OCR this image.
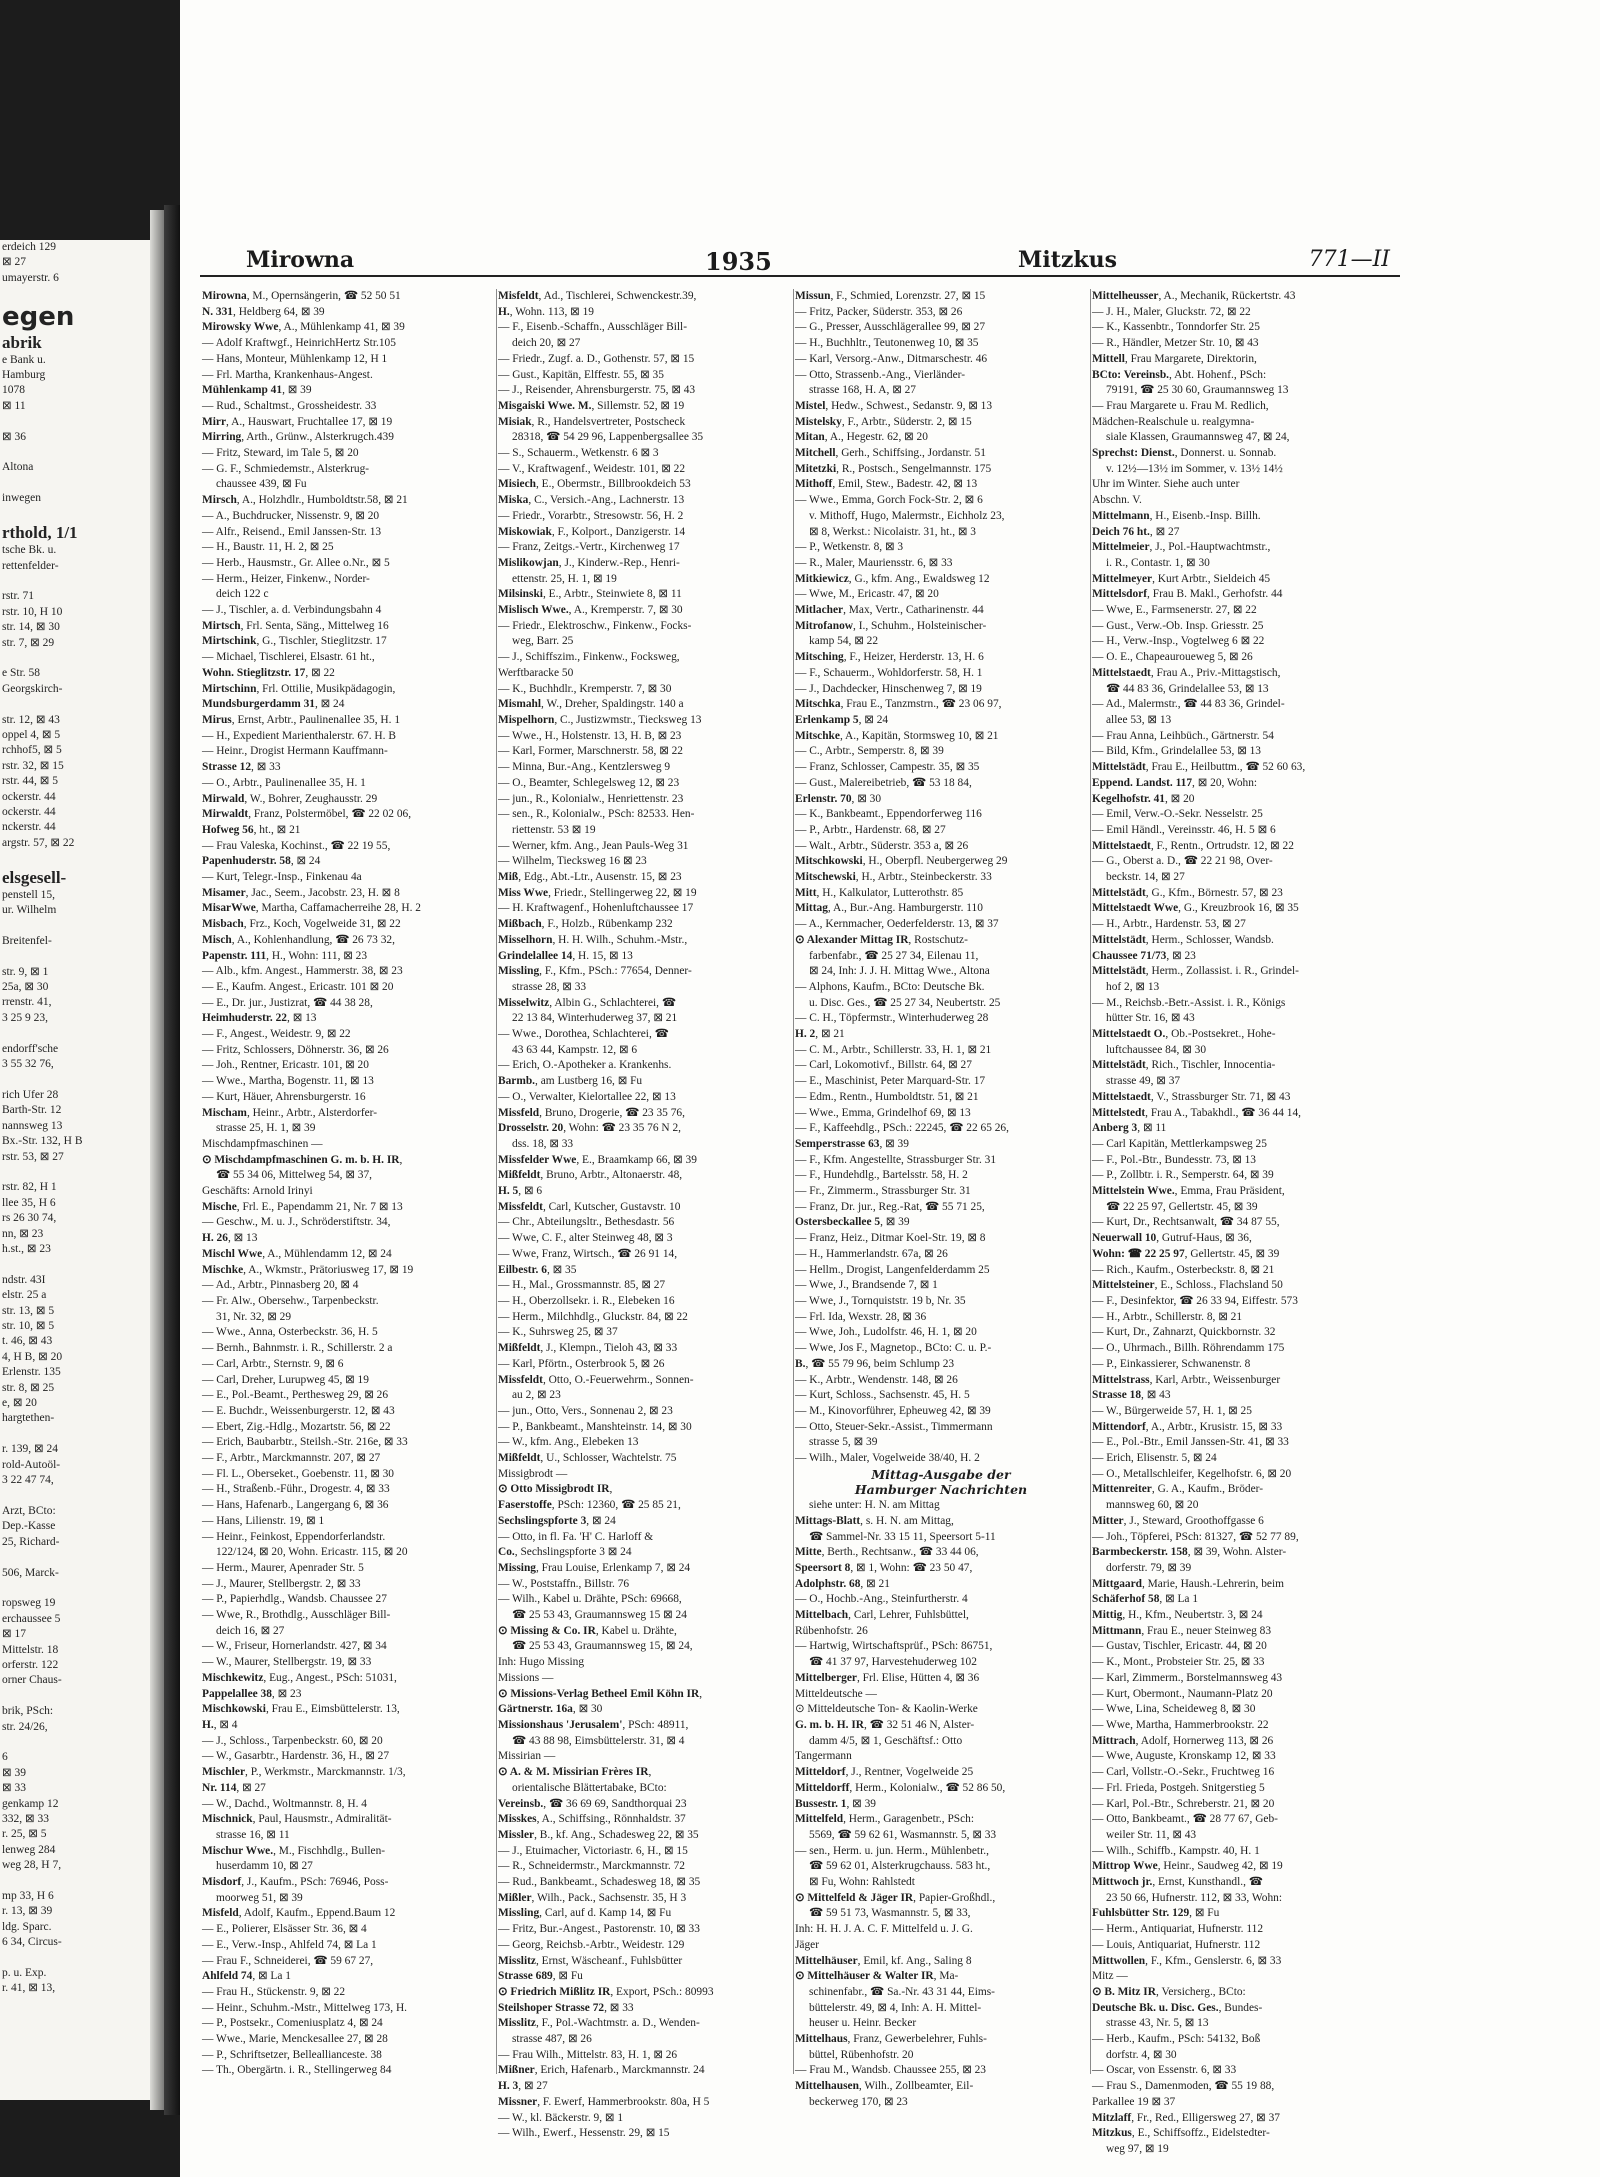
erdeich 129
⊠ 27
umayerstr. 6

egen
abrik
e Bank u.
Hamburg
1078
⊠ 11

⊠ 36

Altona

inwegen

rthold, 1/1
tsche Bk. u.
rettenfelder-

rstr. 71
rstr. 10, H 10
str. 14, ⊠ 30
str. 7, ⊠ 29

e Str. 58
Georgskirch-

str. 12, ⊠ 43
oppel 4, ⊠ 5
rchhof5, ⊠ 5
rstr. 32, ⊠ 15
rstr. 44, ⊠ 5
ockerstr. 44
ockerstr. 44
nckerstr. 44
argstr. 57, ⊠ 22

elsgesell-
penstell 15,
ur. Wilhelm

Breitenfel-

str. 9, ⊠ 1
25a, ⊠ 30
rrenstr. 41,
3 25 9 23,

endorff'sche
3 55 32 76,

rich Ufer 28
Barth-Str. 12
nannsweg 13
Bx.-Str. 132, H B
rstr. 53, ⊠ 27

rstr. 82, H 1
llee 35, H 6
rs 26 30 74,
nn, ⊠ 23
h.st., ⊠ 23

ndstr. 43I
elstr. 25 a
str. 13, ⊠ 5
str. 10, ⊠ 5
t. 46, ⊠ 43
4, H B, ⊠ 20
Erlenstr. 135
str. 8, ⊠ 25
e, ⊠ 20
hargtethen-

r. 139, ⊠ 24
rold-Autoöl-
3 22 47 74,

Arzt, BCto:
Dep.-Kasse
25, Richard-

506, Marck-

ropsweg 19
erchaussee 5
⊠ 17
Mittelstr. 18
orferstr. 122
orner Chaus-

brik, PSch:
str. 24/26,

6
⊠ 39
⊠ 33
genkamp 12
332, ⊠ 33
r. 25, ⊠ 5
lenweg 284
weg 28, H 7,

mp 33, H 6
r. 13, ⊠ 39
ldg. Sparc.
6 34, Circus-

p. u. Exp.
r. 41, ⊠ 13,
Mirowna	1935	Mitzkus	771—II
Mirowna, M., Opernsängerin, ☎ 52 50 51
N. 331, Heldberg 64, ⊠ 39
Mirowsky Wwe, A., Mühlenkamp 41, ⊠ 39
— Adolf Kraftwgf., HeinrichHertz Str.105
— Hans, Monteur, Mühlenkamp 12, H 1
— Frl. Martha, Krankenhaus-Angest.
Mühlenkamp 41, ⊠ 39
— Rud., Schaltmst., Grossheidestr. 33
Mirr, A., Hauswart, Fruchtallee 17, ⊠ 19
Mirring, Arth., Grünw., Alsterkrugch.439
— Fritz, Steward, im Tale 5, ⊠ 20
— G. F., Schmiedemstr., Alsterkrug-
chaussee 439, ⊠ Fu
Mirsch, A., Holzhdlr., Humboldtstr.58, ⊠ 21
— A., Buchdrucker, Nissenstr. 9, ⊠ 20
— Alfr., Reisend., Emil Janssen-Str. 13
— H., Baustr. 11, H. 2, ⊠ 25
— Herb., Hausmstr., Gr. Allee o.Nr., ⊠ 5
— Herm., Heizer, Finkenw., Norder-
deich 122 c
— J., Tischler, a. d. Verbindungsbahn 4
Mirtsch, Frl. Senta, Säng., Mittelweg 16
Mirtschink, G., Tischler, Stieglitzstr. 17
— Michael, Tischlerei, Elsastr. 61 ht.,
Wohn. Stieglitzstr. 17, ⊠ 22
Mirtschinn, Frl. Ottilie, Musikpädagogin,
Mundsburgerdamm 31, ⊠ 24
Mirus, Ernst, Arbtr., Paulinenallee 35, H. 1
— H., Expedient Marienthalerstr. 67. H. B
— Heinr., Drogist Hermann Kauffmann-
Strasse 12, ⊠ 33
— O., Arbtr., Paulinenallee 35, H. 1
Mirwald, W., Bohrer, Zeughausstr. 29
Mirwaldt, Franz, Polstermöbel, ☎ 22 02 06,
Hofweg 56, ht., ⊠ 21
— Frau Valeska, Kochinst., ☎ 22 19 55,
Papenhuderstr. 58, ⊠ 24
— Kurt, Telegr.-Insp., Finkenau 4a
Misamer, Jac., Seem., Jacobstr. 23, H. ⊠ 8
MisarWwe, Martha, Caffamacherreihe 28, H. 2
Misbach, Frz., Koch, Vogelweide 31, ⊠ 22
Misch, A., Kohlenhandlung, ☎ 26 73 32,
Papenstr. 111, H., Wohn: 111, ⊠ 23
— Alb., kfm. Angest., Hammerstr. 38, ⊠ 23
— E., Kaufm. Angest., Ericastr. 101 ⊠ 20
— E., Dr. jur., Justizrat, ☎ 44 38 28,
Heimhuderstr. 22, ⊠ 13
— F., Angest., Weidestr. 9, ⊠ 22
— Fritz, Schlossers, Döhnerstr. 36, ⊠ 26
— Joh., Rentner, Ericastr. 101, ⊠ 20
— Wwe., Martha, Bogenstr. 11, ⊠ 13
— Kurt, Häuer, Ahrensburgerstr. 16
Mischam, Heinr., Arbtr., Alsterdorfer-
strasse 25, H. 1, ⊠ 39
Mischdampfmaschinen —
⊙ Mischdampfmaschinen G. m. b. H. IR,
☎ 55 34 06, Mittelweg 54, ⊠ 37,
Geschäfts: Arnold Irinyi
Mische, Frl. E., Papendamm 21, Nr. 7 ⊠ 13
— Geschw., M. u. J., Schröderstiftstr. 34,
H. 26, ⊠ 13
Mischl Wwe, A., Mühlendamm 12, ⊠ 24
Mischke, A., Wkmstr., Prätoriusweg 17, ⊠ 19
— Ad., Arbtr., Pinnasberg 20, ⊠ 4
— Fr. Alw., Obersehw., Tarpenbeckstr.
31, Nr. 32, ⊠ 29
— Wwe., Anna, Osterbeckstr. 36, H. 5
— Bernh., Bahnmstr. i. R., Schillerstr. 2 a
— Carl, Arbtr., Sternstr. 9, ⊠ 6
— Carl, Dreher, Lurupweg 45, ⊠ 19
— E., Pol.-Beamt., Perthesweg 29, ⊠ 26
— E. Buchdr., Weissenburgerstr. 12, ⊠ 43
— Ebert, Zig.-Hdlg., Mozartstr. 56, ⊠ 22
— Erich, Baubarbtr., Steilsh.-Str. 216e, ⊠ 33
— F., Arbtr., Marckmannstr. 207, ⊠ 27
— Fl. L., Oberseket., Goebenstr. 11, ⊠ 30
— H., Straßenb.-Führ., Drogestr. 4, ⊠ 33
— Hans, Hafenarb., Langergang 6, ⊠ 36
— Hans, Lilienstr. 19, ⊠ 1
— Heinr., Feinkost, Eppendorferlandstr.
122/124, ⊠ 20, Wohn. Ericastr. 115, ⊠ 20
— Herm., Maurer, Apenrader Str. 5
— J., Maurer, Stellbergstr. 2, ⊠ 33
— P., Papierhdlg., Wandsb. Chaussee 27
— Wwe, R., Brothdlg., Ausschläger Bill-
deich 16, ⊠ 27
— W., Friseur, Hornerlandstr. 427, ⊠ 34
— W., Maurer, Stellbergstr. 19, ⊠ 33
Mischkewitz, Eug., Angest., PSch: 51031,
Pappelallee 38, ⊠ 23
Mischkowski, Frau E., Eimsbüttelerstr. 13,
H., ⊠ 4
— J., Schloss., Tarpenbeckstr. 60, ⊠ 20
— W., Gasarbtr., Hardenstr. 36, H., ⊠ 27
Mischler, P., Werkmstr., Marckmannstr. 1/3,
Nr. 114, ⊠ 27
— W., Dachd., Woltmannstr. 8, H. 4
Mischnick, Paul, Hausmstr., Admiralität-
strasse 16, ⊠ 11
Mischur Wwe., M., Fischhdlg., Bullen-
huserdamm 10, ⊠ 27
Misdorf, J., Kaufm., PSch: 76946, Poss-
moorweg 51, ⊠ 39
Misfeld, Adolf, Kaufm., Eppend.Baum 12
— E., Polierer, Elsässer Str. 36, ⊠ 4
— E., Verw.-Insp., Ahlfeld 74, ⊠ La 1
— Frau F., Schneiderei, ☎ 59 67 27,
Ahlfeld 74, ⊠ La 1
— Frau H., Stückenstr. 9, ⊠ 22
— Heinr., Schuhm.-Mstr., Mittelweg 173, H.
— P., Postsekr., Comeniusplatz 4, ⊠ 24
— Wwe., Marie, Menckesallee 27, ⊠ 28
— P., Schriftsetzer, Belleallianceste. 38
— Th., Obergärtn. i. R., Stellingerweg 84
Misfeldt, Ad., Tischlerei, Schwenckestr.39,
H., Wohn. 113, ⊠ 19
— F., Eisenb.-Schaffn., Ausschläger Bill-
deich 20, ⊠ 27
— Friedr., Zugf. a. D., Gothenstr. 57, ⊠ 15
— Gust., Kapitän, Elffestr. 55, ⊠ 35
— J., Reisender, Ahrensburgerstr. 75, ⊠ 43
Misgaiski Wwe. M., Sillemstr. 52, ⊠ 19
Misiak, R., Handelsvertreter, Postscheck
28318, ☎ 54 29 96, Lappenbergsallee 35
— S., Schauerm., Wetkenstr. 6 ⊠ 3
— V., Kraftwagenf., Weidestr. 101, ⊠ 22
Misiech, E., Obermstr., Billbrookdeich 53
Miska, C., Versich.-Ang., Lachnerstr. 13
— Friedr., Vorarbtr., Stresowstr. 56, H. 2
Miskowiak, F., Kolport., Danzigerstr. 14
— Franz, Zeitgs.-Vertr., Kirchenweg 17
Mislikowjan, J., Kinderw.-Rep., Henri-
ettenstr. 25, H. 1, ⊠ 19
Milsinski, E., Arbtr., Steinwiete 8, ⊠ 11
Mislisch Wwe., A., Kremperstr. 7, ⊠ 30
— Friedr., Elektroschw., Finkenw., Focks-
weg, Barr. 25
— J., Schiffszim., Finkenw., Focksweg,
Werftbaracke 50
— K., Buchhdlr., Kremperstr. 7, ⊠ 30
Mismahl, W., Dreher, Spaldingstr. 140 a
Mispelhorn, C., Justizwmstr., Tiecksweg 13
— Wwe., H., Holstenstr. 13, H. B, ⊠ 23
— Karl, Former, Marschnerstr. 58, ⊠ 22
— Minna, Bur.-Ang., Kentzlersweg 9
— O., Beamter, Schlegelsweg 12, ⊠ 23
— jun., R., Kolonialw., Henriettenstr. 23
— sen., R., Kolonialw., PSch: 82533. Hen-
riettenstr. 53 ⊠ 19
— Werner, kfm. Ang., Jean Pauls-Weg 31
— Wilhelm, Tiecksweg 16 ⊠ 23
Miß, Edg., Abt.-Ltr., Ausenstr. 15, ⊠ 23
Miss Wwe, Friedr., Stellingerweg 22, ⊠ 19
— H. Kraftwagenf., Hohenluftchaussee 17
Mißbach, F., Holzb., Rübenkamp 232
Misselhorn, H. H. Wilh., Schuhm.-Mstr.,
Grindelallee 14, H. 15, ⊠ 13
Missling, F., Kfm., PSch.: 77654, Denner-
strasse 28, ⊠ 33
Misselwitz, Albin G., Schlachterei, ☎
22 13 84, Winterhuderweg 37, ⊠ 21
— Wwe., Dorothea, Schlachterei, ☎
43 63 44, Kampstr. 12, ⊠ 6
— Erich, O.-Apotheker a. Krankenhs.
Barmb., am Lustberg 16, ⊠ Fu
— O., Verwalter, Kielortallee 22, ⊠ 13
Missfeld, Bruno, Drogerie, ☎ 23 35 76,
Drosselstr. 20, Wohn: ☎ 23 35 76 N 2,
dss. 18, ⊠ 33
Missfelder Wwe, E., Braamkamp 66, ⊠ 39
Mißfeldt, Bruno, Arbtr., Altonaerstr. 48,
H. 5, ⊠ 6
Missfeldt, Carl, Kutscher, Gustavstr. 10
— Chr., Abteilungsltr., Bethesdastr. 56
— Wwe, C. F., alter Steinweg 48, ⊠ 3
— Wwe, Franz, Wirtsch., ☎ 26 91 14,
Eilbestr. 6, ⊠ 35
— H., Mal., Grossmannstr. 85, ⊠ 27
— H., Oberzollsekr. i. R., Elebeken 16
— Herm., Milchhdlg., Gluckstr. 84, ⊠ 22
— K., Suhrsweg 25, ⊠ 37
Mißfeldt, J., Klempn., Tieloh 43, ⊠ 33
— Karl, Pförtn., Osterbrook 5, ⊠ 26
Missfeldt, Otto, O.-Feuerwehrm., Sonnen-
au 2, ⊠ 23
— jun., Otto, Vers., Sonnenau 2, ⊠ 23
— P., Bankbeamt., Manshteinstr. 14, ⊠ 30
— W., kfm. Ang., Elebeken 13
Mißfeldt, U., Schlosser, Wachtelstr. 75
Missigbrodt —
⊙ Otto Missigbrodt IR,
Faserstoffe, PSch: 12360, ☎ 25 85 21,
Sechslingspforte 3, ⊠ 24
— Otto, in fl. Fa. 'H' C. Harloff &
Co., Sechslingspforte 3 ⊠ 24
Missing, Frau Louise, Erlenkamp 7, ⊠ 24
— W., Poststaffn., Billstr. 76
— Wilh., Kabel u. Drähte, PSch: 69668,
☎ 25 53 43, Graumannsweg 15 ⊠ 24
⊙ Missing & Co. IR, Kabel u. Drähte,
☎ 25 53 43, Graumannsweg 15, ⊠ 24,
Inh: Hugo Missing
Missions —
⊙ Missions-Verlag Betheel Emil Köhn IR,
Gärtnerstr. 16a, ⊠ 30
Missionshaus 'Jerusalem', PSch: 48911,
☎ 43 88 98, Eimsbüttelerstr. 31, ⊠ 4
Missirian —
⊙ A. & M. Missirian Frères IR,
orientalische Blättertabake, BCto:
Vereinsb., ☎ 36 69 69, Sandthorquai 23
Misskes, A., Schiffsing., Rönnhaldstr. 37
Missler, B., kf. Ang., Schadesweg 22, ⊠ 35
— J., Etuimacher, Victoriastr. 6, H., ⊠ 15
— R., Schneidermstr., Marckmannstr. 72
— Rud., Bankbeamt., Schadesweg 18, ⊠ 35
Mißler, Wilh., Pack., Sachsenstr. 35, H 3
Missling, Carl, auf d. Kamp 14, ⊠ Fu
— Fritz, Bur.-Angest., Pastorenstr. 10, ⊠ 33
— Georg, Reichsb.-Arbtr., Weidestr. 129
Misslitz, Ernst, Wäscheanf., Fuhlsbütter
Strasse 689, ⊠ Fu
⊙ Friedrich Mißlitz IR, Export, PSch.: 80993
Steilshoper Strasse 72, ⊠ 33
Misslitz, F., Pol.-Wachtmstr. a. D., Wenden-
strasse 487, ⊠ 26
— Frau Wilh., Mittelstr. 83, H. 1, ⊠ 26
Mißner, Erich, Hafenarb., Marckmannstr. 24
H. 3, ⊠ 27
Missner, F. Ewerf, Hammerbrookstr. 80a, H 5
— W., kl. Bäckerstr. 9, ⊠ 1
— Wilh., Ewerf., Hessenstr. 29, ⊠ 15
Missun, F., Schmied, Lorenzstr. 27, ⊠ 15
— Fritz, Packer, Süderstr. 353, ⊠ 26
— G., Presser, Ausschlägerallee 99, ⊠ 27
— H., Buchhltr., Teutonenweg 10, ⊠ 35
— Karl, Versorg.-Anw., Ditmarschestr. 46
— Otto, Strassenb.-Ang., Vierländer-
strasse 168, H. A, ⊠ 27
Mistel, Hedw., Schwest., Sedanstr. 9, ⊠ 13
Mistelsky, F., Arbtr., Süderstr. 2, ⊠ 15
Mitan, A., Hegestr. 62, ⊠ 20
Mitchell, Gerh., Schiffsing., Jordanstr. 51
Mitetzki, R., Postsch., Sengelmannstr. 175
Mithoff, Emil, Stew., Badestr. 42, ⊠ 13
— Wwe., Emma, Gorch Fock-Str. 2, ⊠ 6
v. Mithoff, Hugo, Malermstr., Eichholz 23,
⊠ 8, Werkst.: Nicolaistr. 31, ht., ⊠ 3
— P., Wetkenstr. 8, ⊠ 3
— R., Maler, Mauriensstr. 6, ⊠ 33
Mitkiewicz, G., kfm. Ang., Ewaldsweg 12
— Wwe, M., Ericastr. 47, ⊠ 20
Mitlacher, Max, Vertr., Catharinenstr. 44
Mitrofanow, I., Schuhm., Holsteinischer-
kamp 54, ⊠ 22
Mitsching, F., Heizer, Herderstr. 13, H. 6
— F., Schauerm., Wohldorferstr. 58, H. 1
— J., Dachdecker, Hinschenweg 7, ⊠ 19
Mitschka, Frau E., Tanzmstrn., ☎ 23 06 97,
Erlenkamp 5, ⊠ 24
Mitschke, A., Kapitän, Stormsweg 10, ⊠ 21
— C., Arbtr., Semperstr. 8, ⊠ 39
— Franz, Schlosser, Campestr. 35, ⊠ 35
— Gust., Malereibetrieb, ☎ 53 18 84,
Erlenstr. 70, ⊠ 30
— K., Bankbeamt., Eppendorferweg 116
— P., Arbtr., Hardenstr. 68, ⊠ 27
— Walt., Arbtr., Süderstr. 353 a, ⊠ 26
Mitschkowski, H., Oberpfl. Neubergerweg 29
Mitschewski, H., Arbtr., Steinbeckerstr. 33
Mitt, H., Kalkulator, Lutterothstr. 85
Mittag, A., Bur.-Ang. Hamburgerstr. 110
— A., Kernmacher, Oederfelderstr. 13, ⊠ 37
⊙ Alexander Mittag IR, Rostschutz-
farbenfabr., ☎ 25 27 34, Eilenau 11,
⊠ 24, Inh: J. J. H. Mittag Wwe., Altona
— Alphons, Kaufm., BCto: Deutsche Bk.
u. Disc. Ges., ☎ 25 27 34, Neubertstr. 25
— C. H., Töpfermstr., Winterhuderweg 28
H. 2, ⊠ 21
— C. M., Arbtr., Schillerstr. 33, H. 1, ⊠ 21
— Carl, Lokomotivf., Billstr. 64, ⊠ 27
— E., Maschinist, Peter Marquard-Str. 17
— Edm., Rentn., Humboldtstr. 51, ⊠ 21
— Wwe., Emma, Grindelhof 69, ⊠ 13
— F., Kaffeehdlg., PSch.: 22245, ☎ 22 65 26,
Semperstrasse 63, ⊠ 39
— F., Kfm. Angestellte, Strassburger Str. 31
— F., Hundehdlg., Bartelsstr. 58, H. 2
— Fr., Zimmerm., Strassburger Str. 31
— Franz, Dr. jur., Reg.-Rat, ☎ 55 71 25,
Ostersbeckallee 5, ⊠ 39
— Franz, Heiz., Ditmar Koel-Str. 19, ⊠ 8
— H., Hammerlandstr. 67a, ⊠ 26
— Hellm., Drogist, Langenfelderdamm 25
— Wwe, J., Brandsende 7, ⊠ 1
— Wwe, J., Tornquiststr. 19 b, Nr. 35
— Frl. Ida, Wexstr. 28, ⊠ 36
— Wwe, Joh., Ludolfstr. 46, H. 1, ⊠ 20
— Wwe, Jos F., Magnetop., BCto: C. u. P.-
B., ☎ 55 79 96, beim Schlump 23
— K., Arbtr., Wendenstr. 148, ⊠ 26
— Kurt, Schloss., Sachsenstr. 45, H. 5
— M., Kinovorführer, Epheuweg 42, ⊠ 39
— Otto, Steuer-Sekr.-Assist., Timmermann
strasse 5, ⊠ 39
— Wilh., Maler, Vogelweide 38/40, H. 2
Mittag-Ausgabe der
Hamburger Nachrichten
siehe unter: H. N. am Mittag
Mittags-Blatt, s. H. N. am Mittag,
☎ Sammel-Nr. 33 15 11, Speersort 5-11
Mitte, Berth., Rechtsanw., ☎ 33 44 06,
Speersort 8, ⊠ 1, Wohn: ☎ 23 50 47,
Adolphstr. 68, ⊠ 21
— O., Hochb.-Ang., Steinfurtherstr. 4
Mittelbach, Carl, Lehrer, Fuhlsbüttel,
Rübenhofstr. 26
— Hartwig, Wirtschaftsprüf., PSch: 86751,
☎ 41 37 97, Harvestehuderweg 102
Mittelberger, Frl. Elise, Hütten 4, ⊠ 36
Mitteldeutsche —
⊙ Mitteldeutsche Ton- & Kaolin-Werke
G. m. b. H. IR, ☎ 32 51 46 N, Alster-
damm 4/5, ⊠ 1, Geschäftsf.: Otto
Tangermann
Mitteldorf, J., Rentner, Vogelweide 25
Mitteldorff, Herm., Kolonialw., ☎ 52 86 50,
Bussestr. 1, ⊠ 39
Mittelfeld, Herm., Garagenbetr., PSch:
5569, ☎ 59 62 61, Wasmannstr. 5, ⊠ 33
— sen., Herm. u. jun. Herm., Mühlenbetr.,
☎ 59 62 01, Alsterkrugchauss. 583 ht.,
⊠ Fu, Wohn: Rahlstedt
⊙ Mittelfeld & Jäger IR, Papier-Großhdl.,
☎ 59 51 73, Wasmannstr. 5, ⊠ 33,
Inh: H. H. J. A. C. F. Mittelfeld u. J. G.
Jäger
Mittelhäuser, Emil, kf. Ang., Saling 8
⊙ Mittelhäuser & Walter IR, Ma-
schinenfabr., ☎ Sa.-Nr. 43 31 44, Eims-
büttelerstr. 49, ⊠ 4, Inh: A. H. Mittel-
heuser u. Heinr. Becker
Mittelhaus, Franz, Gewerbelehrer, Fuhls-
büttel, Rübenhofstr. 20
— Frau M., Wandsb. Chaussee 255, ⊠ 23
Mittelhausen, Wilh., Zollbeamter, Eil-
beckerweg 170, ⊠ 23
Mittelheusser, A., Mechanik, Rückertstr. 43
— J. H., Maler, Gluckstr. 72, ⊠ 22
— K., Kassenbtr., Tonndorfer Str. 25
— R., Händler, Metzer Str. 10, ⊠ 43
Mittell, Frau Margarete, Direktorin,
BCto: Vereinsb., Abt. Hohenf., PSch:
79191, ☎ 25 30 60, Graumannsweg 13
— Frau Margarete u. Frau M. Redlich,
Mädchen-Realschule u. realgymna-
siale Klassen, Graumannsweg 47, ⊠ 24,
Sprechst: Dienst., Donnerst. u. Sonnab.
v. 12½—13½ im Sommer, v. 13½ 14½
Uhr im Winter. Siehe auch unter
Abschn. V.
Mittelmann, H., Eisenb.-Insp. Billh.
Deich 76 ht., ⊠ 27
Mittelmeier, J., Pol.-Hauptwachtmstr.,
i. R., Contastr. 1, ⊠ 30
Mittelmeyer, Kurt Arbtr., Sieldeich 45
Mittelsdorf, Frau B. Makl., Gerhofstr. 44
— Wwe, E., Farmsenerstr. 27, ⊠ 22
— Gust., Verw.-Ob. Insp. Griesstr. 25
— H., Verw.-Insp., Vogtelweg 6 ⊠ 22
— O. E., Chapeauroueweg 5, ⊠ 26
Mittelstaedt, Frau A., Priv.-Mittagstisch,
☎ 44 83 36, Grindelallee 53, ⊠ 13
— Ad., Malermstr., ☎ 44 83 36, Grindel-
allee 53, ⊠ 13
— Frau Anna, Leihbüch., Gärtnerstr. 54
— Bild, Kfm., Grindelallee 53, ⊠ 13
Mittelstädt, Frau E., Heilbuttm., ☎ 52 60 63,
Eppend. Landst. 117, ⊠ 20, Wohn:
Kegelhofstr. 41, ⊠ 20
— Emil, Verw.-O.-Sekr. Nesselstr. 25
— Emil Händl., Vereinsstr. 46, H. 5 ⊠ 6
Mittelstaedt, F., Rentn., Ortrudstr. 12, ⊠ 22
— G., Oberst a. D., ☎ 22 21 98, Over-
beckstr. 14, ⊠ 27
Mittelstädt, G., Kfm., Börnestr. 57, ⊠ 23
Mittelstaedt Wwe, G., Kreuzbrook 16, ⊠ 35
— H., Arbtr., Hardenstr. 53, ⊠ 27
Mittelstädt, Herm., Schlosser, Wandsb.
Chaussee 71/73, ⊠ 23
Mittelstädt, Herm., Zollassist. i. R., Grindel-
hof 2, ⊠ 13
— M., Reichsb.-Betr.-Assist. i. R., Königs
hütter Str. 16, ⊠ 43
Mittelstaedt O., Ob.-Postsekret., Hohe-
luftchaussee 84, ⊠ 30
Mittelstädt, Rich., Tischler, Innocentia-
strasse 49, ⊠ 37
Mittelstaedt, V., Strassburger Str. 71, ⊠ 43
Mittelstedt, Frau A., Tabakhdl., ☎ 36 44 14,
Anberg 3, ⊠ 11
— Carl Kapitän, Mettlerkampsweg 25
— F., Pol.-Btr., Bundesstr. 73, ⊠ 13
— P., Zollbtr. i. R., Semperstr. 64, ⊠ 39
Mittelstein Wwe., Emma, Frau Präsident,
☎ 22 25 97, Gellertstr. 45, ⊠ 39
— Kurt, Dr., Rechtsanwalt, ☎ 34 87 55,
Neuerwall 10, Gutruf-Haus, ⊠ 36,
Wohn: ☎ 22 25 97, Gellertstr. 45, ⊠ 39
— Rich., Kaufm., Osterbeckstr. 8, ⊠ 21
Mittelsteiner, E., Schloss., Flachsland 50
— F., Desinfektor, ☎ 26 33 94, Eiffestr. 573
— H., Arbtr., Schillerstr. 8, ⊠ 21
— Kurt, Dr., Zahnarzt, Quickbornstr. 32
— O., Uhrmach., Billh. Röhrendamm 175
— P., Einkassierer, Schwanenstr. 8
Mittelstrass, Karl, Arbtr., Weissenburger
Strasse 18, ⊠ 43
— W., Bürgerweide 57, H. 1, ⊠ 25
Mittendorf, A., Arbtr., Krusistr. 15, ⊠ 33
— E., Pol.-Btr., Emil Janssen-Str. 41, ⊠ 33
— Erich, Elisenstr. 5, ⊠ 24
— O., Metallschleifer, Kegelhofstr. 6, ⊠ 20
Mittenreiter, G. A., Kaufm., Bröder-
mannsweg 60, ⊠ 20
Mitter, J., Steward, Groothoffgasse 6
— Joh., Töpferei, PSch: 81327, ☎ 52 77 89,
Barmbeckerstr. 158, ⊠ 39, Wohn. Alster-
dorferstr. 79, ⊠ 39
Mittgaard, Marie, Haush.-Lehrerin, beim
Schäferhof 58, ⊠ La 1
Mittig, H., Kfm., Neubertstr. 3, ⊠ 24
Mittmann, Frau E., neuer Steinweg 83
— Gustav, Tischler, Ericastr. 44, ⊠ 20
— K., Mont., Probsteier Str. 25, ⊠ 33
— Karl, Zimmerm., Borstelmannsweg 43
— Kurt, Obermont., Naumann-Platz 20
— Wwe, Lina, Scheideweg 8, ⊠ 30
— Wwe, Martha, Hammerbrookstr. 22
Mittrach, Adolf, Hornerweg 113, ⊠ 26
— Wwe, Auguste, Kronskamp 12, ⊠ 33
— Carl, Vollstr.-O.-Sekr., Fruchtweg 16
— Frl. Frieda, Postgeh. Snitgerstieg 5
— Karl, Pol.-Btr., Schreberstr. 21, ⊠ 20
— Otto, Bankbeamt., ☎ 28 77 67, Geb-
weiler Str. 11, ⊠ 43
— Wilh., Schiffb., Kampstr. 40, H. 1
Mittrop Wwe, Heinr., Saudweg 42, ⊠ 19
Mittwoch jr., Ernst, Kunsthandl., ☎
23 50 66, Hufnerstr. 112, ⊠ 33, Wohn:
Fuhlsbütter Str. 129, ⊠ Fu
— Herm., Antiquariat, Hufnerstr. 112
— Louis, Antiquariat, Hufnerstr. 112
Mittwollen, F., Kfm., Genslerstr. 6, ⊠ 33
Mitz —
⊙ B. Mitz IR, Versicherg., BCto:
Deutsche Bk. u. Disc. Ges., Bundes-
strasse 43, Nr. 5, ⊠ 13
— Herb., Kaufm., PSch: 54132, Boß
dorfstr. 4, ⊠ 30
— Oscar, von Essenstr. 6, ⊠ 33
— Frau S., Damenmoden, ☎ 55 19 88,
Parkallee 19 ⊠ 37
Mitzlaff, Fr., Red., Elligersweg 27, ⊠ 37
Mitzkus, E., Schiffsoffz., Eidelstedter-
weg 97, ⊠ 19
